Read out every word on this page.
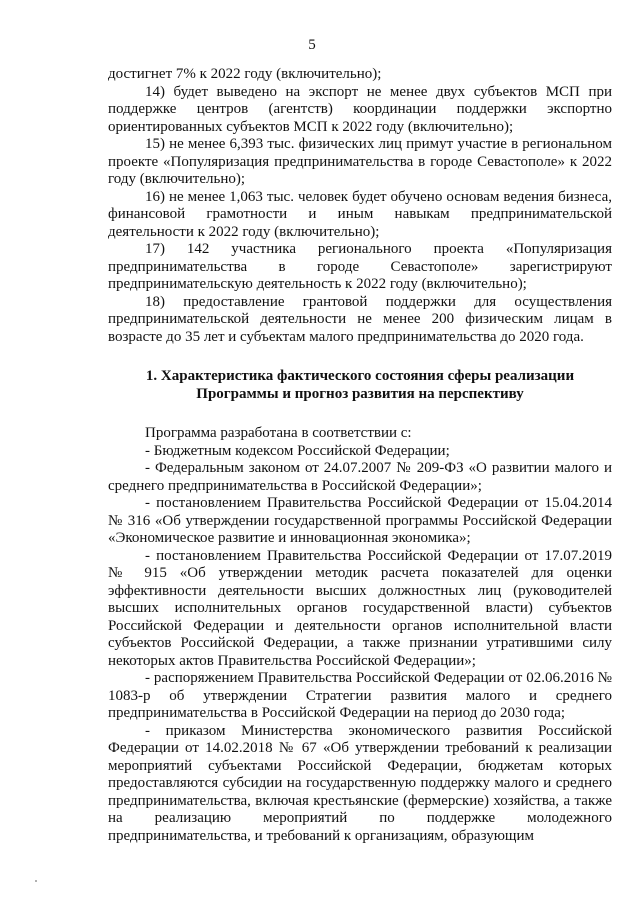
5

достигнет 7% к 2022 году (включительно);

14) будет выведено на экспорт не менее двух субъектов МСП при поддержке центров (агентств) координации поддержки экспортно ориентированных субъектов МСП к 2022 году (включительно);

15) не менее 6,393 тыс. физических лиц примут участие в региональном проекте «Популяризация предпринимательства в городе Севастополе» к 2022 году (включительно);

16) не менее 1,063 тыс. человек будет обучено основам ведения бизнеса, финансовой грамотности и иным навыкам предпринимательской деятельности к 2022 году (включительно);

17) 142 участника регионального проекта «Популяризация предпринимательства в городе Севастополе» зарегистрируют предпринимательскую деятельность к 2022 году (включительно);

18) предоставление грантовой поддержки для осуществления предпринимательской деятельности не менее 200 физическим лицам в возрасте до 35 лет и субъектам малого предпринимательства до 2020 года.

1. Характеристика фактического состояния сферы реализации Программы и прогноз развития на перспективу

Программа разработана в соответствии с:

- Бюджетным кодексом Российской Федерации;

- Федеральным законом от 24.07.2007 № 209-ФЗ «О развитии малого и среднего предпринимательства в Российской Федерации»;

- постановлением Правительства Российской Федерации от 15.04.2014 № 316 «Об утверждении государственной программы Российской Федерации «Экономическое развитие и инновационная экономика»;

- постановлением Правительства Российской Федерации от 17.07.2019 № 915 «Об утверждении методик расчета показателей для оценки эффективности деятельности высших должностных лиц (руководителей высших исполнительных органов государственной власти) субъектов Российской Федерации и деятельности органов исполнительной власти субъектов Российской Федерации, а также признании утратившими силу некоторых актов Правительства Российской Федерации»;

- распоряжением Правительства Российской Федерации от 02.06.2016 № 1083-р об утверждении Стратегии развития малого и среднего предпринимательства в Российской Федерации на период до 2030 года;

- приказом Министерства экономического развития Российской Федерации от 14.02.2018 № 67 «Об утверждении требований к реализации мероприятий субъектами Российской Федерации, бюджетам которых предоставляются субсидии на государственную поддержку малого и среднего предпринимательства, включая крестьянские (фермерские) хозяйства, а также на реализацию мероприятий по поддержке молодежного предпринимательства, и требований к организациям, образующим
